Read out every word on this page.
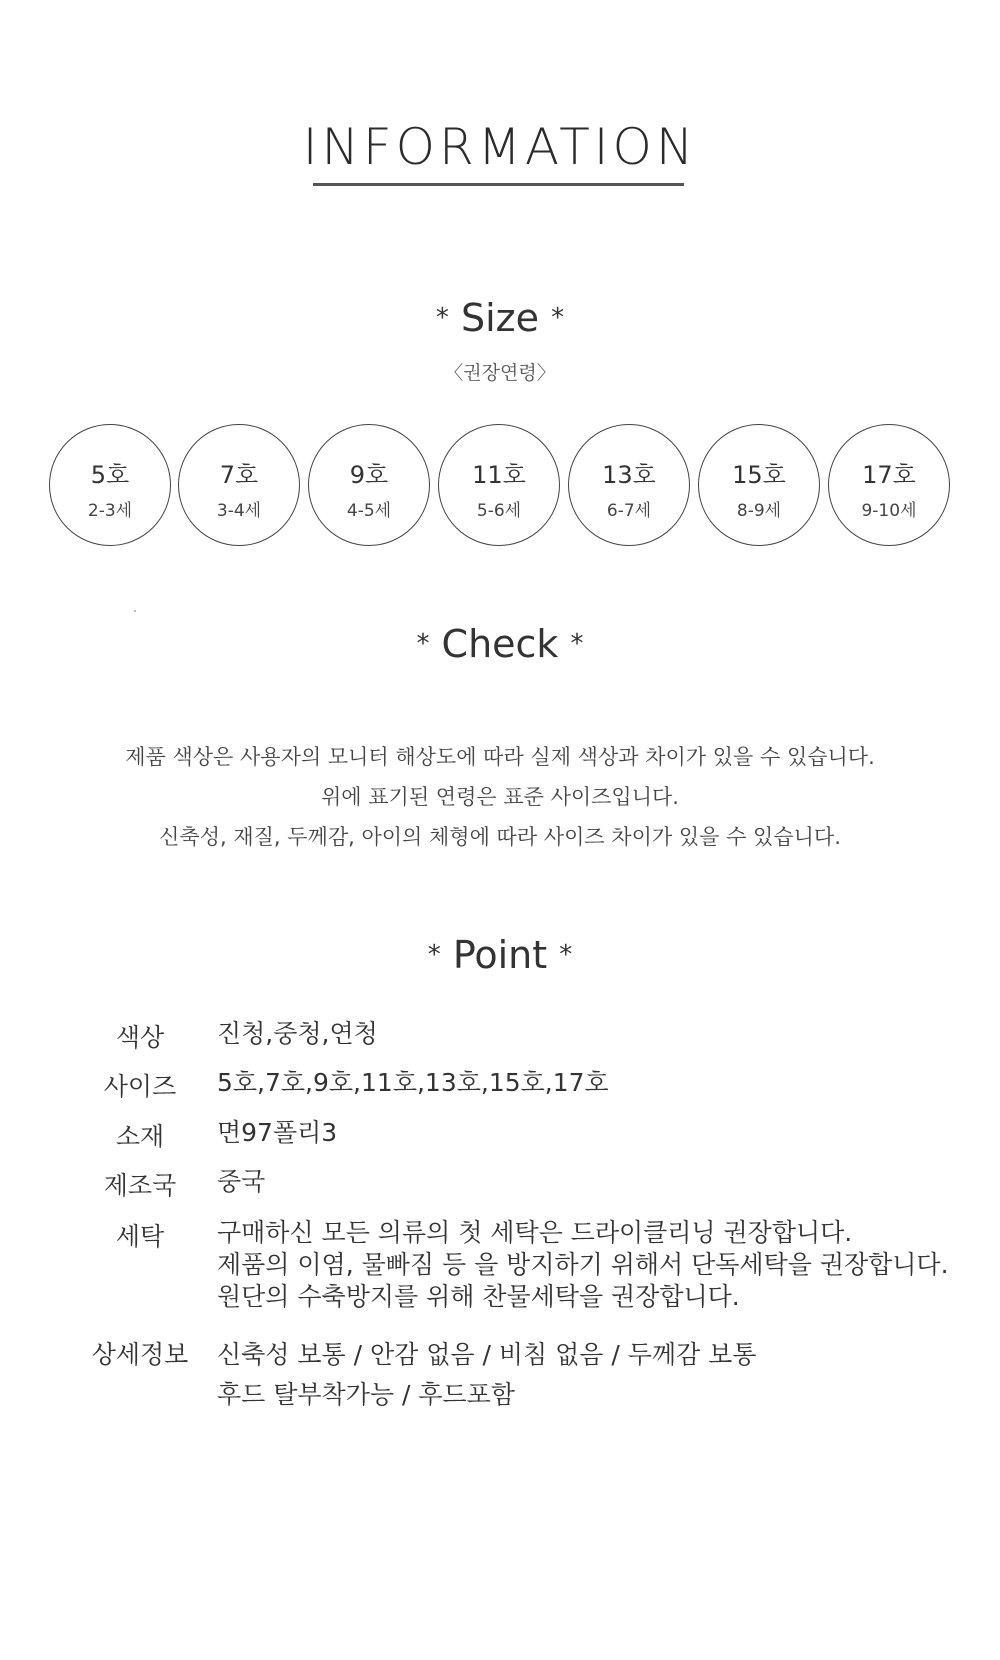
INFORMATION
* Size *
〈권장연령〉
5호
2-3세
7호
3-4세
9호
4-5세
11호
5-6세
13호
6-7세
15호
8-9세
17호
9-10세
* Check *
제품 색상은 사용자의 모니터 해상도에 따라 실제 색상과 차이가 있을 수 있습니다.
위에 표기된 연령은 표준 사이즈입니다.
신축성, 재질, 두께감, 아이의 체형에 따라 사이즈 차이가 있을 수 있습니다.
* Point *
색상	진청,중청,연청
사이즈	5호,7호,9호,11호,13호,15호,17호
소재	면97폴리3
제조국	중국
세탁	구매하신 모든 의류의 첫 세탁은 드라이클리닝 권장합니다.
제품의 이염, 물빠짐 등 을 방지하기 위해서 단독세탁을 권장합니다.
원단의 수축방지를 위해 찬물세탁을 권장합니다.
상세정보	신축성 보통 / 안감 없음 / 비침 없음 / 두께감 보통
후드 탈부착가능 / 후드포함
